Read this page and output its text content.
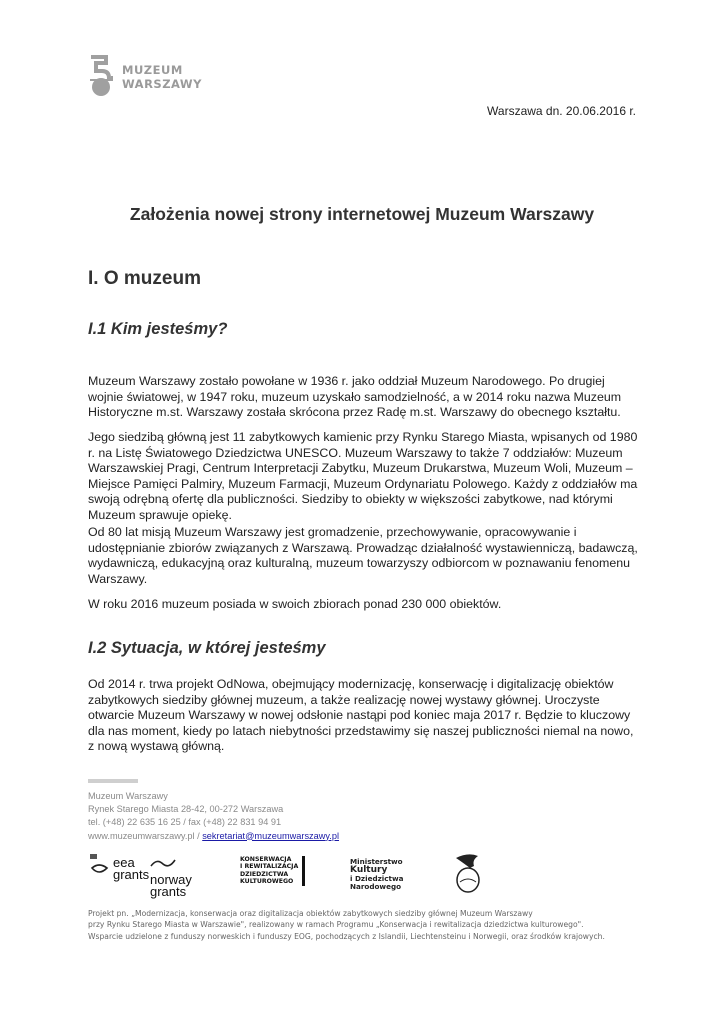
MUZEUM
WARSZAWY
Warszawa dn. 20.06.2016 r.
Założenia nowej strony internetowej Muzeum Warszawy
I. O muzeum
I.1 Kim jesteśmy?

Muzeum Warszawy zostało powołane w 1936 r. jako oddział Muzeum Narodowego. Po drugiej wojnie światowej, w 1947 roku, muzeum uzyskało samodzielność, a w 2014 roku nazwa Muzeum Historyczne m.st. Warszawy została skrócona przez Radę m.st. Warszawy do obecnego kształtu.

Jego siedzibą główną jest 11 zabytkowych kamienic przy Rynku Starego Miasta, wpisanych od 1980 r. na Listę Światowego Dziedzictwa UNESCO. Muzeum Warszawy to także 7 oddziałów: Muzeum Warszawskiej Pragi, Centrum Interpretacji Zabytku, Muzeum Drukarstwa, Muzeum Woli, Muzeum – Miejsce Pamięci Palmiry, Muzeum Farmacji, Muzeum Ordynariatu Polowego. Każdy z oddziałów ma swoją odrębną ofertę dla publiczności. Siedziby to obiekty w większości zabytkowe, nad którymi Muzeum sprawuje opiekę.

Od 80 lat misją Muzeum Warszawy jest gromadzenie, przechowywanie, opracowywanie i udostępnianie zbiorów związanych z Warszawą. Prowadząc działalność wystawienniczą, badawczą, wydawniczą, edukacyjną oraz kulturalną, muzeum towarzyszy odbiorcom w poznawaniu fenomenu Warszawy.

W roku 2016 muzeum posiada w swoich zbiorach ponad 230 000 obiektów.

I.2 Sytuacja, w której jesteśmy

Od 2014 r. trwa projekt OdNowa, obejmujący modernizację, konserwację i digitalizację obiektów zabytkowych siedziby głównej muzeum, a także realizację nowej wystawy głównej. Uroczyste otwarcie Muzeum Warszawy w nowej odsłonie nastąpi pod koniec maja 2017 r. Będzie to kluczowy dla nas moment, kiedy po latach niebytności przedstawimy się naszej publiczności niemal na nowo, z nową wystawą główną.

Muzeum Warszawy
Rynek Starego Miasta 28-42, 00-272 Warszawa
tel. (+48) 22 635 16 25 / fax (+48) 22 831 94 91
www.muzeumwarszawy.pl / sekretariat@muzeumwarszawy.pl
eea
grants norway
grants
KONSERWACJA
I REWITALIZACJA
DZIEDZICTWA
KULTUROWEGO
Ministerstwo
Kultury
i Dziedzictwa
Narodowego
Projekt pn. „Modernizacja, konserwacja oraz digitalizacja obiektów zabytkowych siedziby głównej Muzeum Warszawy
przy Rynku Starego Miasta w Warszawie", realizowany w ramach Programu „Konserwacja i rewitalizacja dziedzictwa kulturowego".
Wsparcie udzielone z funduszy norweskich i funduszy EOG, pochodzących z Islandii, Liechtensteinu i Norwegii, oraz środków krajowych.
